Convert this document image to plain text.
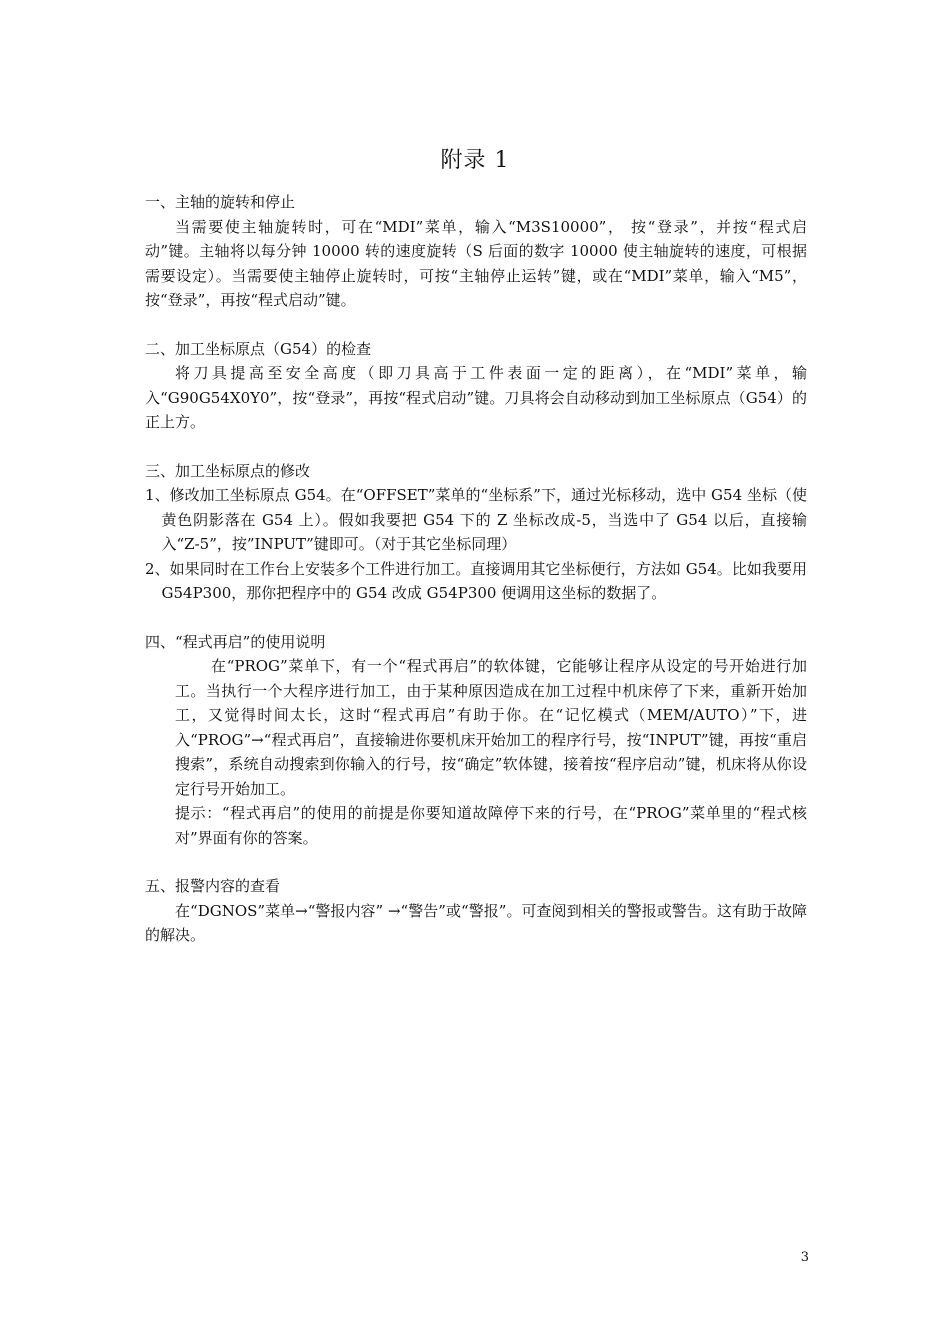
附录 1

一、主轴的旋转和停止

当需要使主轴旋转时，可在“MDI”菜单，输入“M3S10000”， 按“登录”，并按“程式启动”键。主轴将以每分钟 10000 转的速度旋转（S 后面的数字 10000 使主轴旋转的速度，可根据需要设定）。当需要使主轴停止旋转时，可按“主轴停止运转”键，或在“MDI”菜单，输入“M5”， 按“登录”，再按“程式启动”键。

二、加工坐标原点（G54）的检查

将刀具提高至安全高度（即刀具高于工件表面一定的距离），在“MDI”菜单，输入“G90G54X0Y0”，按“登录”，再按“程式启动”键。刀具将会自动移动到加工坐标原点（G54）的正上方。

三、加工坐标原点的修改

1、修改加工坐标原点 G54。在“OFFSET”菜单的“坐标系”下，通过光标移动，选中 G54 坐标（使黄色阴影落在 G54 上）。假如我要把 G54 下的 Z 坐标改成-5，当选中了 G54 以后，直接输入“Z-5”，按”INPUT”键即可。（对于其它坐标同理）

2、如果同时在工作台上安装多个工件进行加工。直接调用其它坐标便行，方法如 G54。比如我要用 G54P300，那你把程序中的 G54 改成 G54P300 便调用这坐标的数据了。

四、“程式再启”的使用说明

在“PROG”菜单下，有一个“程式再启”的软体键，它能够让程序从设定的号开始进行加工。当执行一个大程序进行加工，由于某种原因造成在加工过程中机床停了下来，重新开始加工，又觉得时间太长，这时“程式再启”有助于你。在“记忆模式（MEM/AUTO）”下，进入“PROG”→“程式再启”，直接输进你要机床开始加工的程序行号，按“INPUT”键，再按“重启搜索”，系统自动搜索到你输入的行号，按“确定”软体键，接着按“程序启动”键，机床将从你设定行号开始加工。

提示：“程式再启”的使用的前提是你要知道故障停下来的行号，在“PROG”菜单里的“程式核对”界面有你的答案。

五、报警内容的查看

在“DGNOS”菜单→“警报内容” →“警告”或“警报”。可查阅到相关的警报或警告。这有助于故障的解决。

3
